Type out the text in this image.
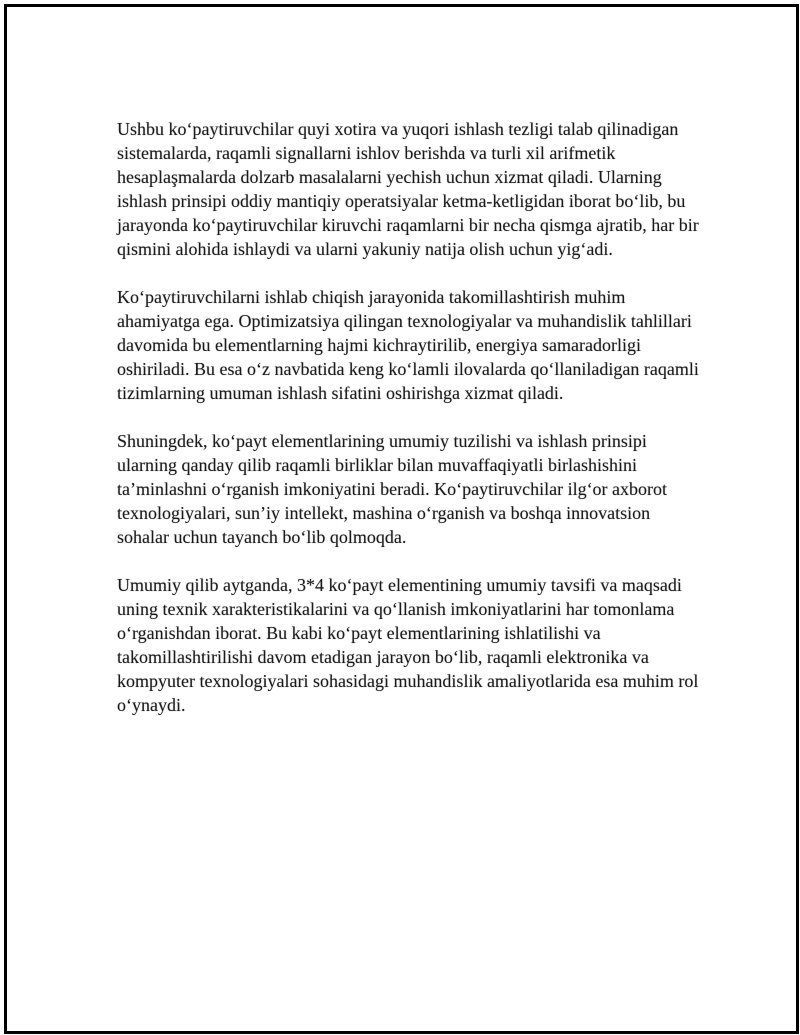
Ushbu ko‘paytiruvchilar quyi xotira va yuqori ishlash tezligi talab qilinadigan sistemalarda, raqamli signallarni ishlov berishda va turli xil arifmetik hesaplaşmalarda dolzarb masalalarni yechish uchun xizmat qiladi. Ularning ishlash prinsipi oddiy mantiqiy operatsiyalar ketma-ketligidan iborat bo‘lib, bu jarayonda ko‘paytiruvchilar kiruvchi raqamlarni bir necha qismga ajratib, har bir qismini alohida ishlaydi va ularni yakuniy natija olish uchun yig‘adi.

Ko‘paytiruvchilarni ishlab chiqish jarayonida takomillashtirish muhim ahamiyatga ega. Optimizatsiya qilingan texnologiyalar va muhandislik tahlillari davomida bu elementlarning hajmi kichraytirilib, energiya samaradorligi oshiriladi. Bu esa o‘z navbatida keng ko‘lamli ilovalarda qo‘llaniladigan raqamli tizimlarning umuman ishlash sifatini oshirishga xizmat qiladi.

Shuningdek, ko‘payt elementlarining umumiy tuzilishi va ishlash prinsipi ularning qanday qilib raqamli birliklar bilan muvaffaqiyatli birlashishini ta’minlashni o‘rganish imkoniyatini beradi. Ko‘paytiruvchilar ilg‘or axborot texnologiyalari, sun’iy intellekt, mashina o‘rganish va boshqa innovatsion sohalar uchun tayanch bo‘lib qolmoqda.

Umumiy qilib aytganda, 3*4 ko‘payt elementining umumiy tavsifi va maqsadi uning texnik xarakteristikalarini va qo‘llanish imkoniyatlarini har tomonlama o‘rganishdan iborat. Bu kabi ko‘payt elementlarining ishlatilishi va takomillashtirilishi davom etadigan jarayon bo‘lib, raqamli elektronika va kompyuter texnologiyalari sohasidagi muhandislik amaliyotlarida esa muhim rol o‘ynaydi.
